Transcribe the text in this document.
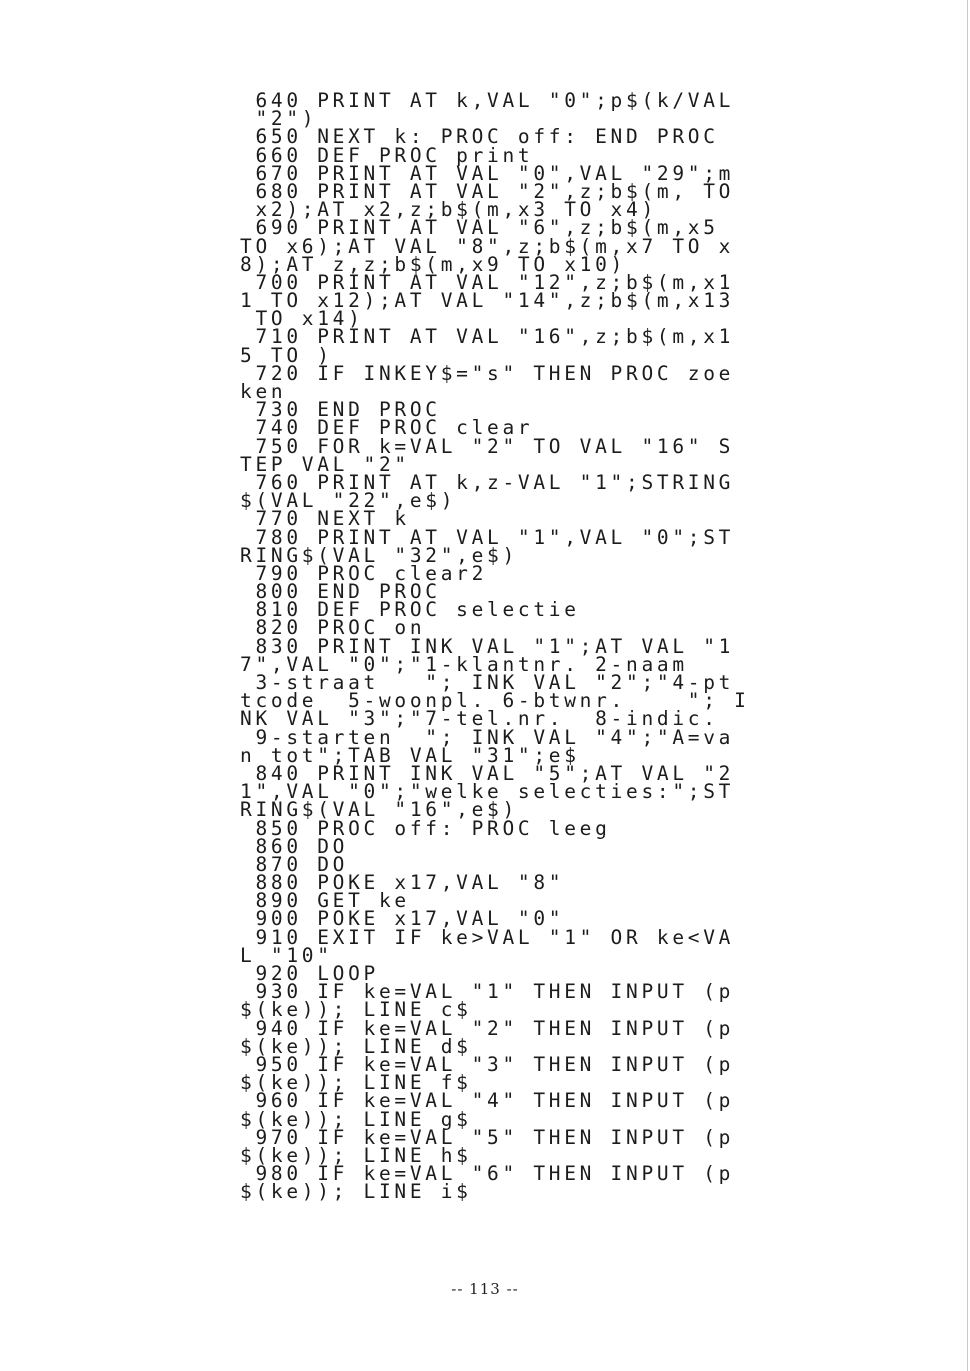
640 PRINT AT k,VAL "0";p$(k/VAL
"2")
650 NEXT k: PROC off: END PROC
660 DEF PROC print
670 PRINT AT VAL "0",VAL "29";m
680 PRINT AT VAL "2",z;b$(m, TO
x2);AT x2,z;b$(m,x3 TO x4)
690 PRINT AT VAL "6",z;b$(m,x5
TO x6);AT VAL "8",z;b$(m,x7 TO x
8);AT z,z;b$(m,x9 TO x10)
700 PRINT AT VAL "12",z;b$(m,x1
1 TO x12);AT VAL "14",z;b$(m,x13
TO x14)
710 PRINT AT VAL "16",z;b$(m,x1
5 TO )
720 IF INKEY$="s" THEN PROC zoe
ken
730 END PROC
740 DEF PROC clear
750 FOR k=VAL "2" TO VAL "16" S
TEP VAL "2"
760 PRINT AT k,z-VAL "1";STRING
$(VAL "22",e$)
770 NEXT k
780 PRINT AT VAL "1",VAL "0";ST
RING$(VAL "32",e$)
790 PROC clear2
800 END PROC
810 DEF PROC selectie
820 PROC on
830 PRINT INK VAL "1";AT VAL "1
7",VAL "0";"1-klantnr. 2-naam
3-straat   "; INK VAL "2";"4-pt
tcode  5-woonpl. 6-btwnr.    "; I
NK VAL "3";"7-tel.nr.  8-indic.
9-starten  "; INK VAL "4";"A=va
n tot";TAB VAL "31";e$
840 PRINT INK VAL "5";AT VAL "2
1",VAL "0";"welke selecties:";ST
RING$(VAL "16",e$)
850 PROC off: PROC leeg
860 DO
870 DO
880 POKE x17,VAL "8"
890 GET ke
900 POKE x17,VAL "0"
910 EXIT IF ke>VAL "1" OR ke<VA
L "10"
920 LOOP
930 IF ke=VAL "1" THEN INPUT (p
$(ke)); LINE c$
940 IF ke=VAL "2" THEN INPUT (p
$(ke)); LINE d$
950 IF ke=VAL "3" THEN INPUT (p
$(ke)); LINE f$
960 IF ke=VAL "4" THEN INPUT (p
$(ke)); LINE g$
970 IF ke=VAL "5" THEN INPUT (p
$(ke)); LINE h$
980 IF ke=VAL "6" THEN INPUT (p
$(ke)); LINE i$
-- 113 --
